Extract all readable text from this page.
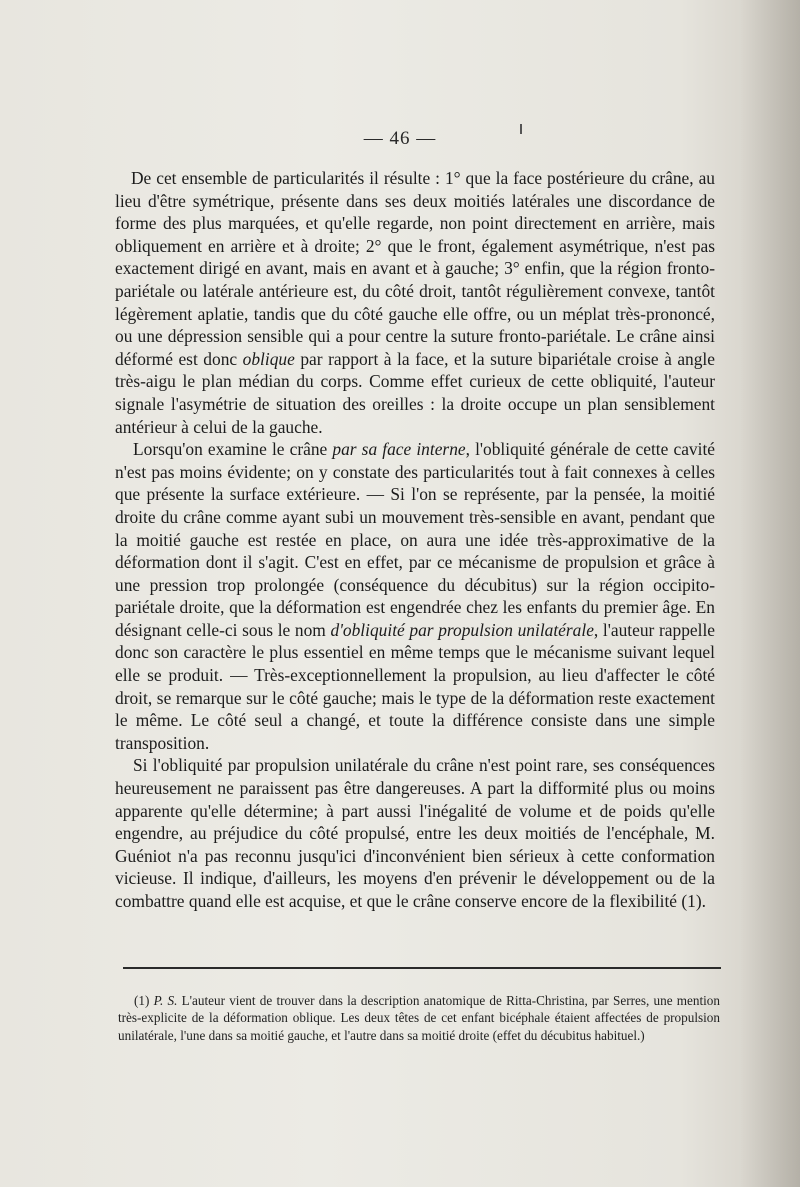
— 46 —

De cet ensemble de particularités il résulte : 1° que la face postérieure du crâne, au lieu d'être symétrique, présente dans ses deux moitiés latérales une discordance de forme des plus marquées, et qu'elle regarde, non point directement en arrière, mais obliquement en arrière et à droite; 2° que le front, également asymétrique, n'est pas exactement dirigé en avant, mais en avant et à gauche; 3° enfin, que la région fronto-pariétale ou latérale antérieure est, du côté droit, tantôt régulièrement convexe, tantôt légèrement aplatie, tandis que du côté gauche elle offre, ou un méplat très-prononcé, ou une dépression sensible qui a pour centre la suture fronto-pariétale. Le crâne ainsi déformé est donc oblique par rapport à la face, et la suture bipariétale croise à angle très-aigu le plan médian du corps. Comme effet curieux de cette obliquité, l'auteur signale l'asymétrie de situation des oreilles : la droite occupe un plan sensiblement antérieur à celui de la gauche.

Lorsqu'on examine le crâne par sa face interne, l'obliquité générale de cette cavité n'est pas moins évidente; on y constate des particularités tout à fait connexes à celles que présente la surface extérieure. — Si l'on se représente, par la pensée, la moitié droite du crâne comme ayant subi un mouvement très-sensible en avant, pendant que la moitié gauche est restée en place, on aura une idée très-approximative de la déformation dont il s'agit. C'est en effet, par ce mécanisme de propulsion et grâce à une pression trop prolongée (conséquence du décubitus) sur la région occipito-pariétale droite, que la déformation est engendrée chez les enfants du premier âge. En désignant celle-ci sous le nom d'obliquité par propulsion unilatérale, l'auteur rappelle donc son caractère le plus essentiel en même temps que le mécanisme suivant lequel elle se produit. — Très-exceptionnellement la propulsion, au lieu d'affecter le côté droit, se remarque sur le côté gauche; mais le type de la déformation reste exactement le même. Le côté seul a changé, et toute la différence consiste dans une simple transposition.

Si l'obliquité par propulsion unilatérale du crâne n'est point rare, ses conséquences heureusement ne paraissent pas être dangereuses. A part la difformité plus ou moins apparente qu'elle détermine; à part aussi l'inégalité de volume et de poids qu'elle engendre, au préjudice du côté propulsé, entre les deux moitiés de l'encéphale, M. Guéniot n'a pas reconnu jusqu'ici d'inconvénient bien sérieux à cette conformation vicieuse. Il indique, d'ailleurs, les moyens d'en prévenir le développement ou de la combattre quand elle est acquise, et que le crâne conserve encore de la flexibilité (1).

(1) P. S. L'auteur vient de trouver dans la description anatomique de Ritta-Christina, par Serres, une mention très-explicite de la déformation oblique. Les deux têtes de cet enfant bicéphale étaient affectées de propulsion unilatérale, l'une dans sa moitié gauche, et l'autre dans sa moitié droite (effet du décubitus habituel.)
